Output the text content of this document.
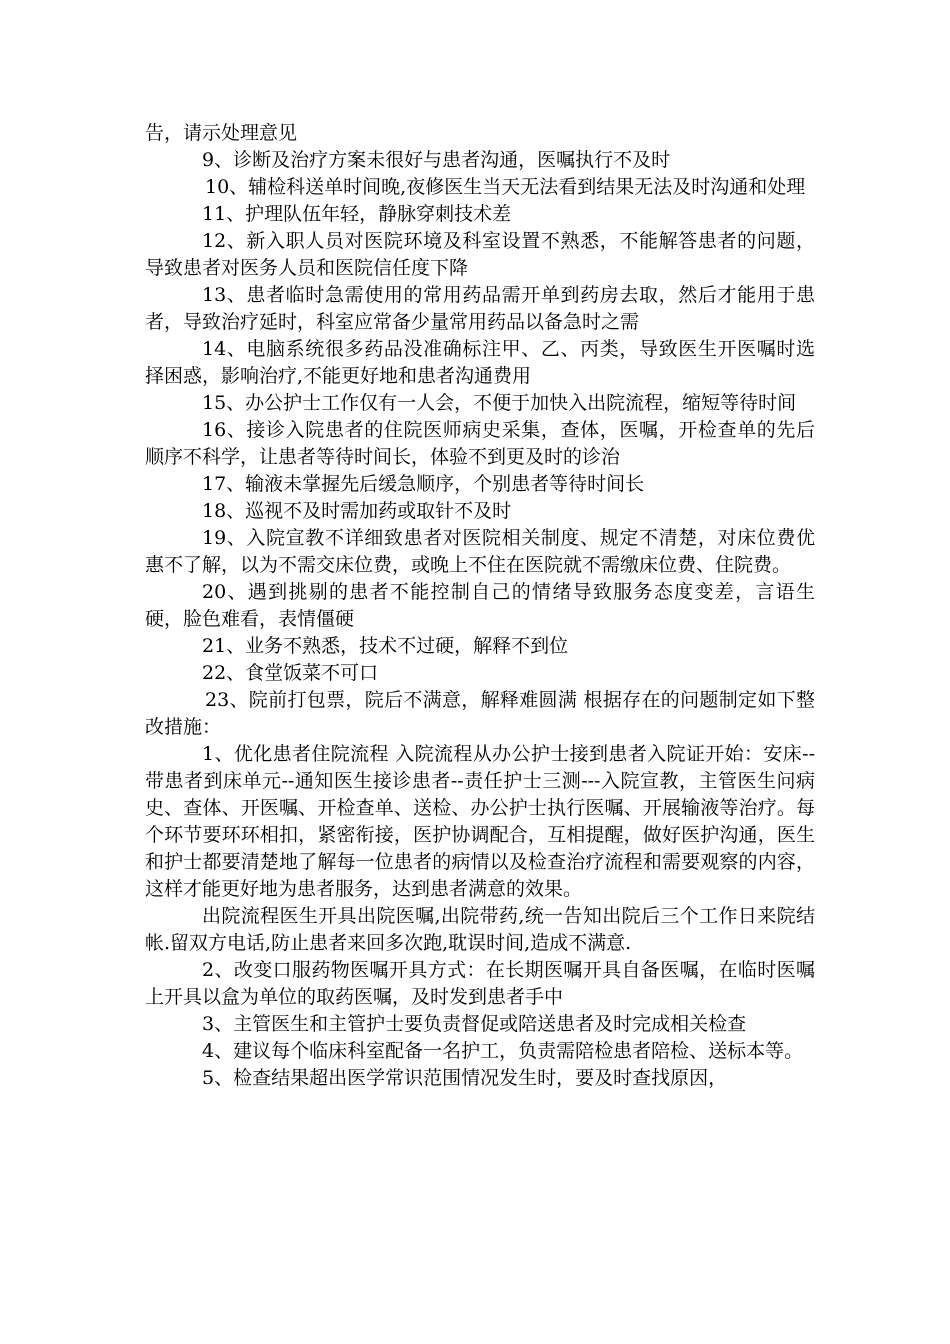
告，请示处理意见

9、诊断及治疗方案未很好与患者沟通，医嘱执行不及时

10、辅检科送单时间晚,夜修医生当天无法看到结果无法及时沟通和处理

11、护理队伍年轻，静脉穿刺技术差

12、新入职人员对医院环境及科室设置不熟悉，不能解答患者的问题，导致患者对医务人员和医院信任度下降

13、患者临时急需使用的常用药品需开单到药房去取，然后才能用于患者，导致治疗延时，科室应常备少量常用药品以备急时之需

14、电脑系统很多药品没准确标注甲、乙、丙类，导致医生开医嘱时选择困惑，影响治疗,不能更好地和患者沟通费用

15、办公护士工作仅有一人会，不便于加快入出院流程，缩短等待时间

16、接诊入院患者的住院医师病史采集，查体，医嘱，开检查单的先后顺序不科学，让患者等待时间长，体验不到更及时的诊治

17、输液未掌握先后缓急顺序，个别患者等待时间长

18、巡视不及时需加药或取针不及时

19、入院宣教不详细致患者对医院相关制度、规定不清楚，对床位费优惠不了解，以为不需交床位费，或晚上不住在医院就不需缴床位费、住院费。

20、遇到挑剔的患者不能控制自己的情绪导致服务态度变差，言语生硬，脸色难看，表情僵硬

21、业务不熟悉，技术不过硬，解释不到位

22、食堂饭菜不可口

23、院前打包票，院后不满意，解释难圆满 根据存在的问题制定如下整改措施：

1、优化患者住院流程 入院流程从办公护士接到患者入院证开始：安床--带患者到床单元--通知医生接诊患者--责任护士三测---入院宣教，主管医生问病史、查体、开医嘱、开检查单、送检、办公护士执行医嘱、开展输液等治疗。每个环节要环环相扣，紧密衔接，医护协调配合，互相提醒，做好医护沟通，医生和护士都要清楚地了解每一位患者的病情以及检查治疗流程和需要观察的内容，这样才能更好地为患者服务，达到患者满意的效果。

出院流程医生开具出院医嘱,出院带药,统一告知出院后三个工作日来院结帐.留双方电话,防止患者来回多次跑,耽误时间,造成不满意.

2、改变口服药物医嘱开具方式：在长期医嘱开具自备医嘱，在临时医嘱上开具以盒为单位的取药医嘱，及时发到患者手中

3、主管医生和主管护士要负责督促或陪送患者及时完成相关检查

4、建议每个临床科室配备一名护工，负责需陪检患者陪检、送标本等。

5、检查结果超出医学常识范围情况发生时，要及时查找原因，
